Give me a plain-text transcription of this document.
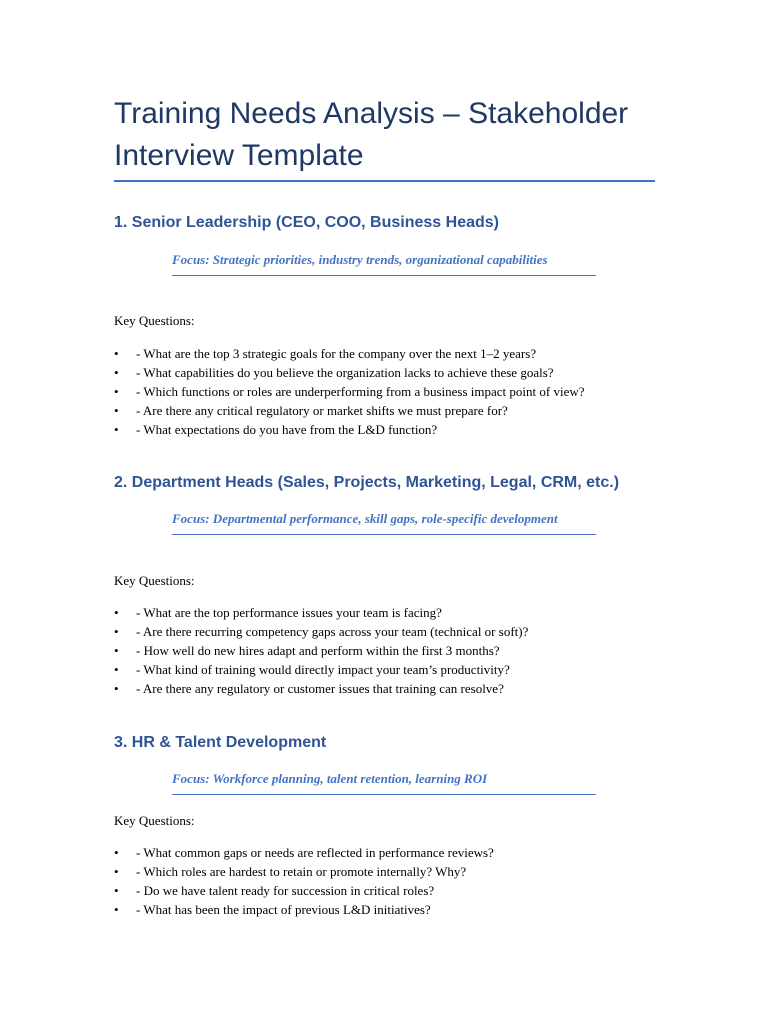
Training Needs Analysis – Stakeholder Interview Template
1. Senior Leadership (CEO, COO, Business Heads)
Focus: Strategic priorities, industry trends, organizational capabilities
Key Questions:
•	- What are the top 3 strategic goals for the company over the next 1–2 years?
•	- What capabilities do you believe the organization lacks to achieve these goals?
•	- Which functions or roles are underperforming from a business impact point of view?
•	- Are there any critical regulatory or market shifts we must prepare for?
•	- What expectations do you have from the L&D function?
2. Department Heads (Sales, Projects, Marketing, Legal, CRM, etc.)
Focus: Departmental performance, skill gaps, role-specific development
Key Questions:
•	- What are the top performance issues your team is facing?
•	- Are there recurring competency gaps across your team (technical or soft)?
•	- How well do new hires adapt and perform within the first 3 months?
•	- What kind of training would directly impact your team’s productivity?
•	- Are there any regulatory or customer issues that training can resolve?
3. HR & Talent Development
Focus: Workforce planning, talent retention, learning ROI
Key Questions:
•	- What common gaps or needs are reflected in performance reviews?
•	- Which roles are hardest to retain or promote internally? Why?
•	- Do we have talent ready for succession in critical roles?
•	- What has been the impact of previous L&D initiatives?
